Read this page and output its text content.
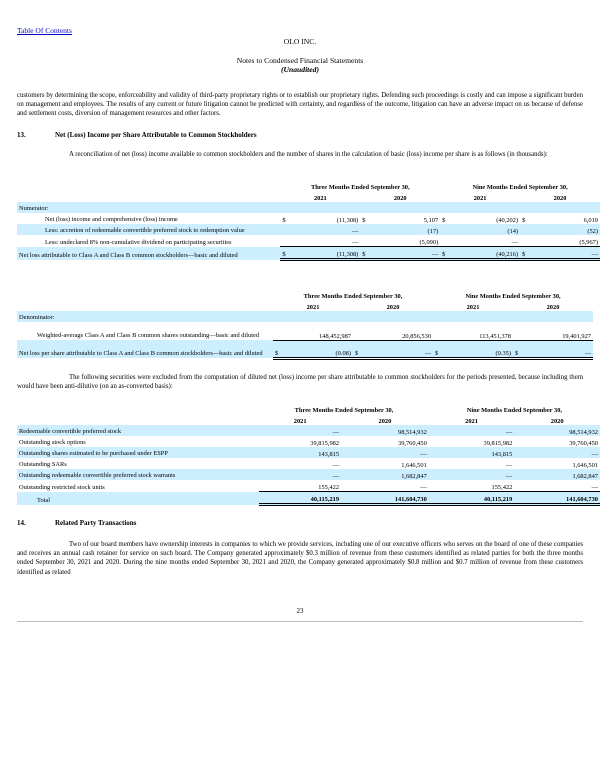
Table Of Contents
OLO INC.
Notes to Condensed Financial Statements
(Unaudited)
customers by determining the scope, enforceability and validity of third-party proprietary rights or to establish our proprietary rights. Defending such proceedings is costly and can impose a significant burden on management and employees. The results of any current or future litigation cannot be predicted with certainty, and regardless of the outcome, litigation can have an adverse impact on us because of defense and settlement costs, diversion of management resources and other factors.
13.	Net (Loss) Income per Share Attributable to Common Stockholders
A reconciliation of net (loss) income available to common stockholders and the number of shares in the calculation of basic (loss) income per share is as follows (in thousands):
	Three Months Ended September 30,				Nine Months Ended September 30,			
	2021		2020		2021		2020	
Numerator:								
Net (loss) income and comprehensive (loss) income	$	(11,308)	$	5,107	$	(40,202)	$	6,019
Less: accretion of redeemable convertible preferred stock to redemption value		—		(17)		(14)		(52)
Less: undeclared 8% non-cumulative dividend on participating securities		—		(5,090)		—		(5,967)
Net loss attributable to Class A and Class B common stockholders—basic and diluted	$	(11,308)	$	—	$	(40,216)	$	—
	Three Months Ended September 30,				Nine Months Ended September 30,			
	2021		2020		2021		2020	
Denominator:								
Weighted-average Class A and Class B common shares outstanding—basic and diluted		148,452,987		20,856,530		113,451,378		19,401,927
Net loss per share attributable to Class A and Class B common stockholders—basic and diluted	$	(0.08)	$	—	$	(0.35)	$	—
The following securities were excluded from the computation of diluted net (loss) income per share attributable to common stockholders for the periods presented, because including them would have been anti-dilutive (on an as-converted basis):
	Three Months Ended September 30,		Nine Months Ended September 30,	
	2021	2020	2021	2020
Redeemable convertible preferred stock	—	98,514,932	—	98,514,932
Outstanding stock options	39,815,982	39,760,450	39,815,982	39,760,450
Outstanding shares estimated to be purchased under ESPP	143,815	—	143,815	—
Outstanding SARs	—	1,646,501	—	1,646,501
Outstanding redeemable convertible preferred stock warrants	—	1,682,847	—	1,682,847
Outstanding restricted stock units	155,422	—	155,422	—
Total	40,115,219	141,604,730	40,115,219	141,604,730
14.	Related Party Transactions
Two of our board members have ownership interests in companies to which we provide services, including one of our executive officers who serves on the board of one of these companies and receives an annual cash retainer for service on such board. The Company generated approximately $0.3 million of revenue from these customers identified as related parties for both the three months ended September 30, 2021 and 2020. During the nine months ended September 30, 2021 and 2020, the Company generated approximately $0.8 million and $0.7 million of revenue from these customers identified as related
23
